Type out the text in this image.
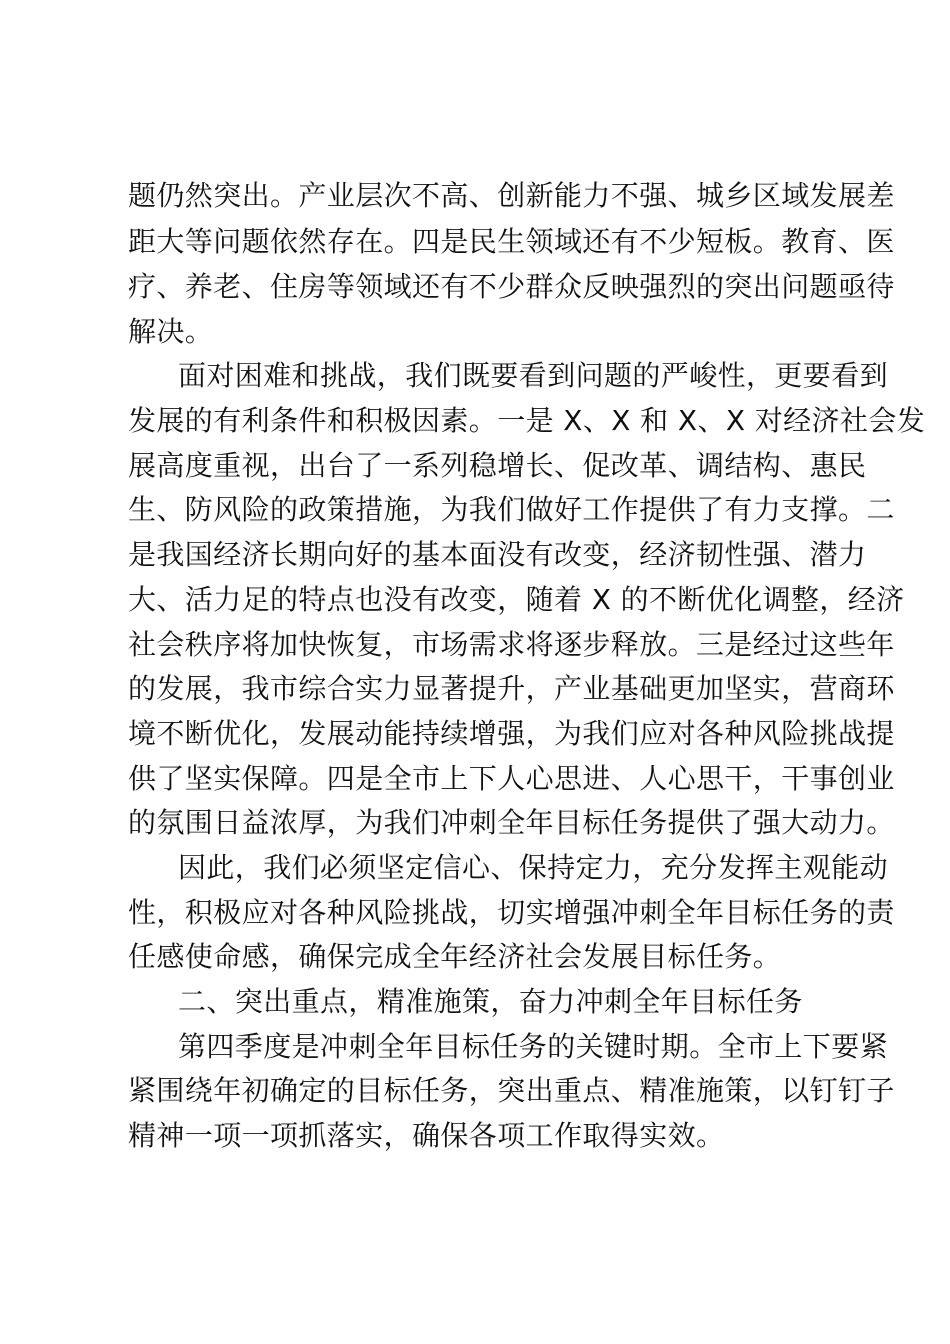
题仍然突出。产业层次不高、创新能力不强、城乡区域发展差
距大等问题依然存在。四是民生领域还有不少短板。教育、医
疗、养老、住房等领域还有不少群众反映强烈的突出问题亟待
解决。
面对困难和挑战，我们既要看到问题的严峻性，更要看到
发展的有利条件和积极因素。一是 X、X 和 X、X 对经济社会发
展高度重视，出台了一系列稳增长、促改革、调结构、惠民
生、防风险的政策措施，为我们做好工作提供了有力支撑。二
是我国经济长期向好的基本面没有改变，经济韧性强、潜力
大、活力足的特点也没有改变，随着 X 的不断优化调整，经济
社会秩序将加快恢复，市场需求将逐步释放。三是经过这些年
的发展，我市综合实力显著提升，产业基础更加坚实，营商环
境不断优化，发展动能持续增强，为我们应对各种风险挑战提
供了坚实保障。四是全市上下人心思进、人心思干，干事创业
的氛围日益浓厚，为我们冲刺全年目标任务提供了强大动力。
因此，我们必须坚定信心、保持定力，充分发挥主观能动
性，积极应对各种风险挑战，切实增强冲刺全年目标任务的责
任感使命感，确保完成全年经济社会发展目标任务。
二、突出重点，精准施策，奋力冲刺全年目标任务
第四季度是冲刺全年目标任务的关键时期。全市上下要紧
紧围绕年初确定的目标任务，突出重点、精准施策，以钉钉子
精神一项一项抓落实，确保各项工作取得实效。
